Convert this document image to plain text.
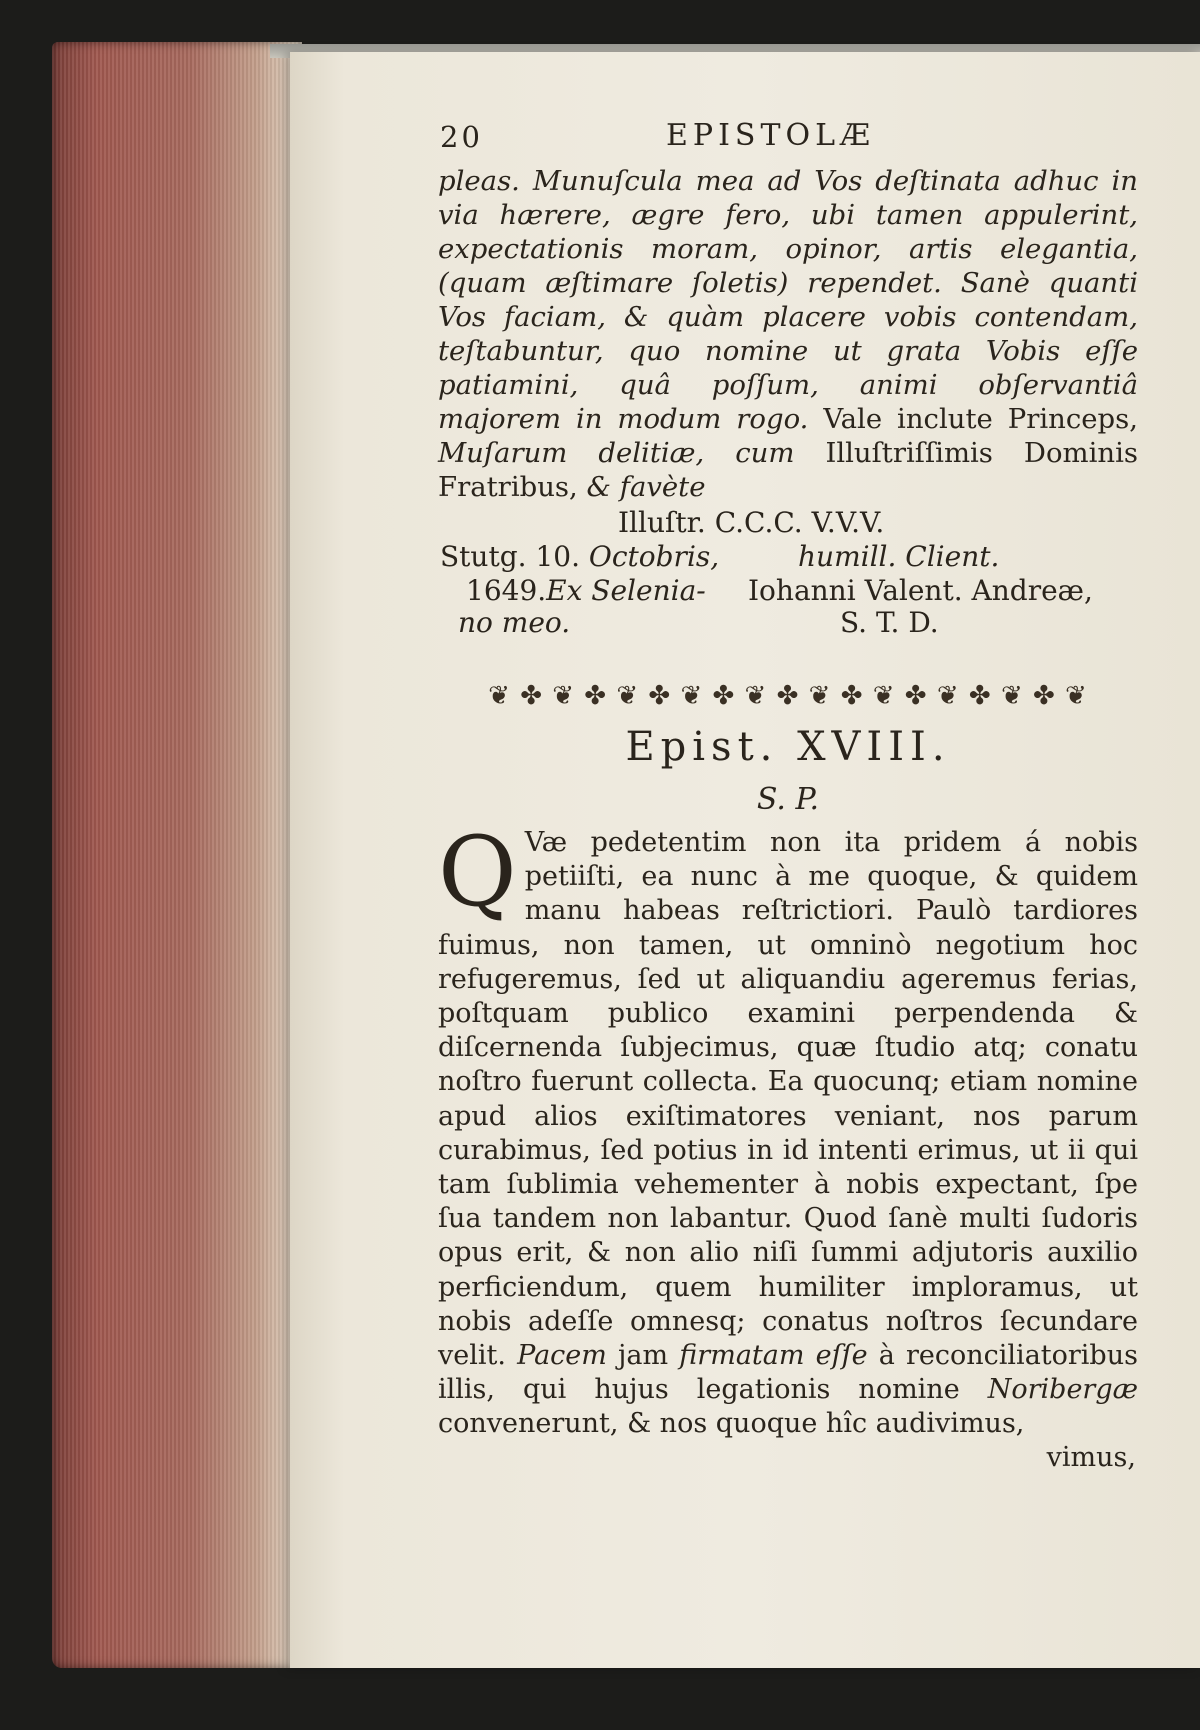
20	EPISTOLÆ

pleas. Munuſcula mea ad Vos deſtinata adhuc in via hærere, ægre fero, ubi tamen appulerint, expectationis moram, opinor, artis elegantia, (quam æſtimare ſoletis) rependet. Sanè quanti Vos faciam, & quàm placere vobis contendam, teſtabuntur, quo nomine ut grata Vobis eſſe patiamini, quâ poſſum, animi obſervantiâ majorem in modum rogo. Vale inclute Princeps, Muſarum delitiæ, cum Illuſtriſſimis Dominis Fratribus, & favète

Illuſtr. C.C.C. V.V.V.
Stutg. 10. Octobris,
1649.Ex Selenia-
no meo.
humill. Client.
Iohanni Valent. Andreæ,
S. T. D.
❦ ✤ ❦ ✤ ❦ ✤ ❦ ✤ ❦ ✤ ❦ ✤ ❦ ✤ ❦ ✤ ❦ ✤ ❦
Epist. XVIII.
S. P.

Q Væ pedetentim non ita pridem á nobis petiiſti, ea nunc à me quoque, & quidem manu habeas reſtrictiori. Paulò tardiores fuimus, non tamen, ut omninò negotium hoc refugeremus, ſed ut aliquandiu ageremus ferias, poſtquam publico examini perpendenda & diſcernenda ſubjecimus, quæ ſtudio atq; conatu noſtro fuerunt collecta. Ea quocunq; etiam nomine apud alios exiſtimatores veniant, nos parum curabimus, ſed potius in id intenti erimus, ut ii qui tam ſublimia vehementer à nobis expectant, ſpe ſua tandem non labantur. Quod ſanè multi ſudoris opus erit, & non alio niſi ſummi adjutoris auxilio perficiendum, quem humiliter imploramus, ut nobis adeſſe omnesq; conatus noſtros ſecundare velit. Pacem jam firmatam eſſe à reconciliatoribus illis, qui hujus legationis nomine Noribergæ convenerunt, & nos quoque hîc audivimus,

vimus,
